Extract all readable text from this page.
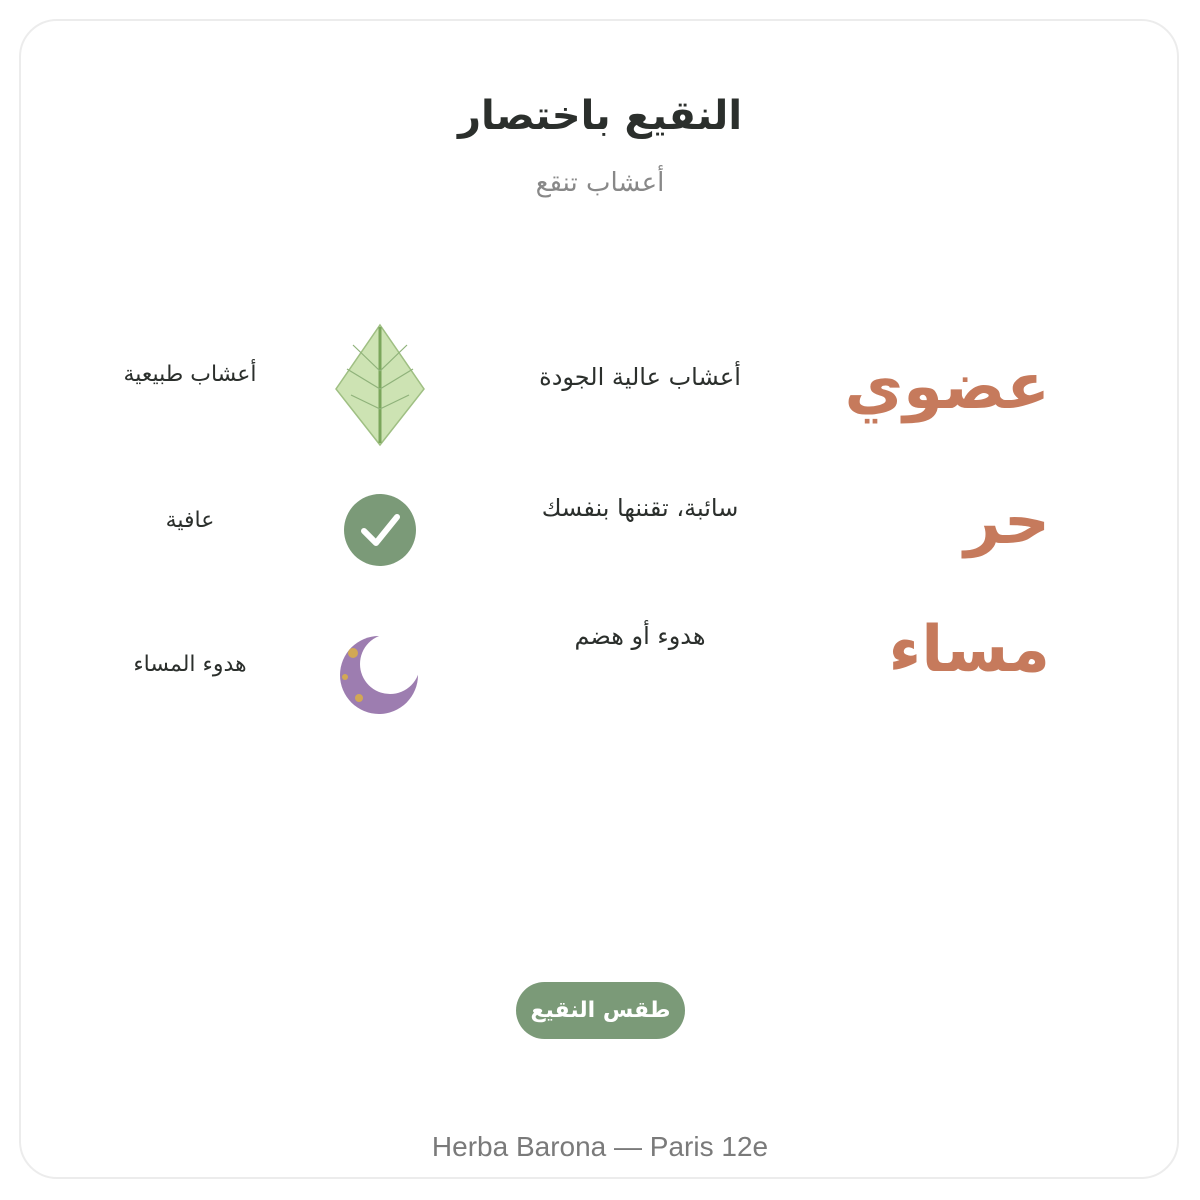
النقيع باختصار
أعشاب تنقع
عضوي
أعشاب عالية الجودة
أعشاب طبيعية
حر
سائبة، تقننها بنفسك
عافية
مساء
هدوء أو هضم
هدوء المساء
طقس النقيع
Herba Barona — Paris 12e
